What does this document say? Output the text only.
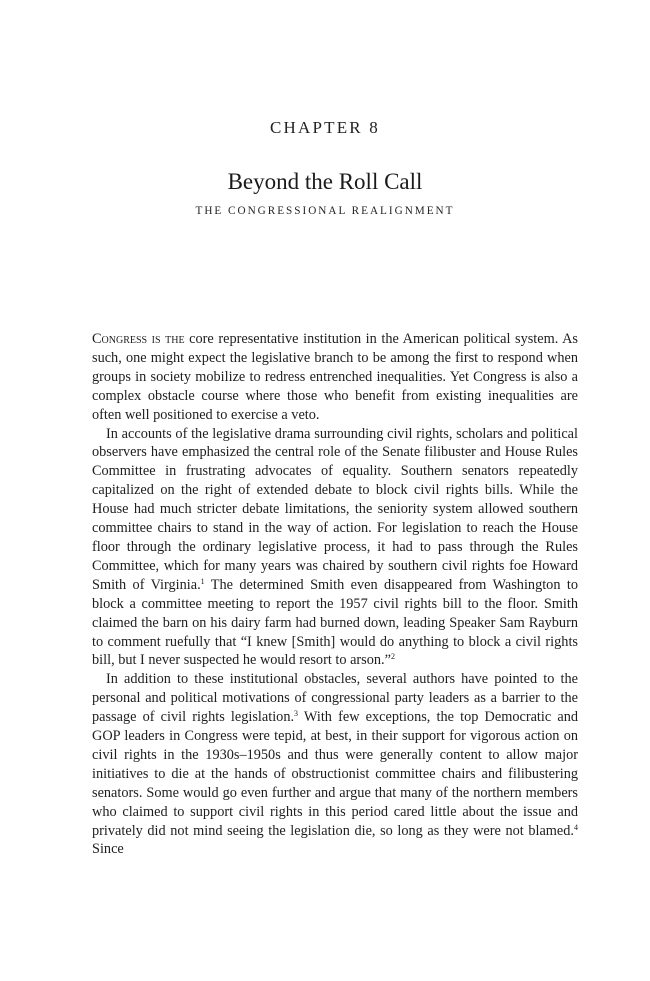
CHAPTER 8
Beyond the Roll Call
THE CONGRESSIONAL REALIGNMENT

Congress is the core representative institution in the American political system. As such, one might expect the legislative branch to be among the first to respond when groups in society mobilize to redress entrenched inequalities. Yet Congress is also a complex obstacle course where those who benefit from existing inequalities are often well positioned to exercise a veto.

In accounts of the legislative drama surrounding civil rights, scholars and political observers have emphasized the central role of the Senate filibuster and House Rules Committee in frustrating advocates of equality. Southern senators repeatedly capitalized on the right of extended debate to block civil rights bills. While the House had much stricter debate limitations, the seniority system allowed southern committee chairs to stand in the way of action. For legislation to reach the House floor through the ordinary legislative process, it had to pass through the Rules Committee, which for many years was chaired by southern civil rights foe Howard Smith of Virginia.$^1$ The determined Smith even disappeared from Washington to block a committee meeting to report the 1957 civil rights bill to the floor. Smith claimed the barn on his dairy farm had burned down, leading Speaker Sam Rayburn to comment ruefully that “I knew [Smith] would do anything to block a civil rights bill, but I never suspected he would resort to arson.”$^2$

In addition to these institutional obstacles, several authors have pointed to the personal and political motivations of congressional party leaders as a barrier to the passage of civil rights legislation.$^3$ With few exceptions, the top Democratic and GOP leaders in Congress were tepid, at best, in their support for vigorous action on civil rights in the 1930s–1950s and thus were generally content to allow major initiatives to die at the hands of obstructionist committee chairs and filibustering senators. Some would go even further and argue that many of the northern members who claimed to support civil rights in this period cared little about the issue and privately did not mind seeing the legislation die, so long as they were not blamed.$^4$ Since
